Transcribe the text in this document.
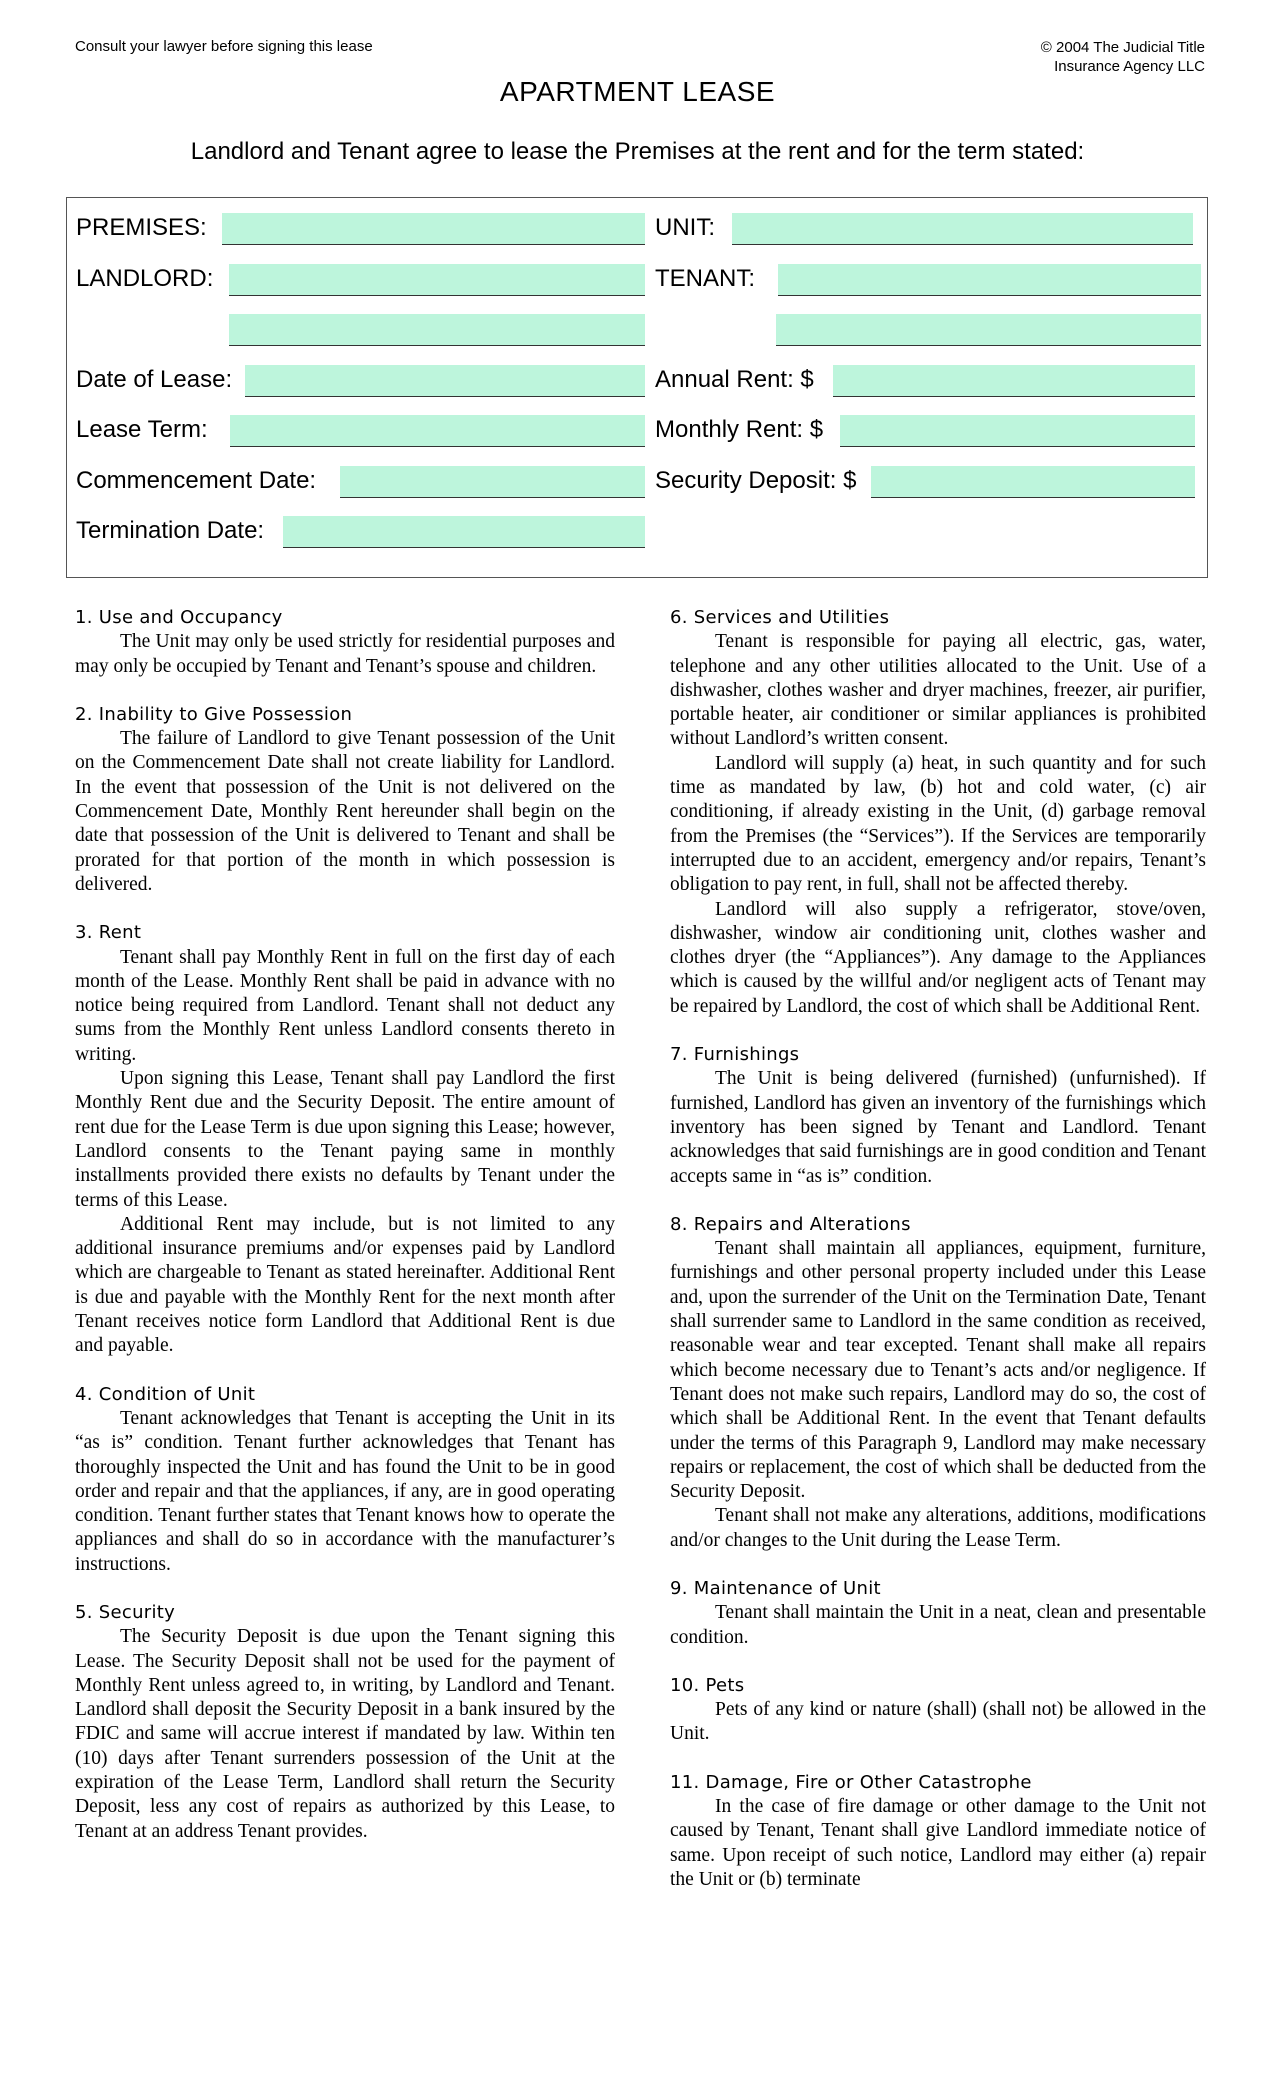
Consult your lawyer before signing this lease	© 2004 The Judicial Title
Insurance Agency LLC
APARTMENT LEASE
Landlord and Tenant agree to lease the Premises at the rent and for the term stated:
PREMISES:	UNIT:
LANDLORD:	TENANT:
Date of Lease:	Annual Rent: $
Lease Term:	Monthly Rent: $
Commencement Date:	Security Deposit: $
Termination Date:
1. Use and Occupancy

The Unit may only be used strictly for residential purposes and may only be occupied by Tenant and Tenant’s spouse and children.

2. Inability to Give Possession

The failure of Landlord to give Tenant possession of the Unit on the Commencement Date shall not create liability for Landlord. In the event that possession of the Unit is not delivered on the Commencement Date, Monthly Rent hereunder shall begin on the date that possession of the Unit is delivered to Tenant and shall be prorated for that portion of the month in which possession is delivered.

3. Rent

Tenant shall pay Monthly Rent in full on the first day of each month of the Lease. Monthly Rent shall be paid in advance with no notice being required from Landlord. Tenant shall not deduct any sums from the Monthly Rent unless Landlord consents thereto in writing.

Upon signing this Lease, Tenant shall pay Landlord the first Monthly Rent due and the Security Deposit. The entire amount of rent due for the Lease Term is due upon signing this Lease; however, Landlord consents to the Tenant paying same in monthly installments provided there exists no defaults by Tenant under the terms of this Lease.

Additional Rent may include, but is not limited to any additional insurance premiums and/or expenses paid by Landlord which are chargeable to Tenant as stated hereinafter. Additional Rent is due and payable with the Monthly Rent for the next month after Tenant receives notice form Landlord that Additional Rent is due and payable.

4. Condition of Unit

Tenant acknowledges that Tenant is accepting the Unit in its “as is” condition. Tenant further acknowledges that Tenant has thoroughly inspected the Unit and has found the Unit to be in good order and repair and that the appliances, if any, are in good operating condition. Tenant further states that Tenant knows how to operate the appliances and shall do so in accordance with the manufacturer’s instructions.

5. Security

The Security Deposit is due upon the Tenant signing this Lease. The Security Deposit shall not be used for the payment of Monthly Rent unless agreed to, in writing, by Landlord and Tenant. Landlord shall deposit the Security Deposit in a bank insured by the FDIC and same will accrue interest if mandated by law. Within ten (10) days after Tenant surrenders possession of the Unit at the expiration of the Lease Term, Landlord shall return the Security Deposit, less any cost of repairs as authorized by this Lease, to Tenant at an address Tenant provides.

6. Services and Utilities

Tenant is responsible for paying all electric, gas, water, telephone and any other utilities allocated to the Unit. Use of a dishwasher, clothes washer and dryer machines, freezer, air purifier, portable heater, air conditioner or similar appliances is prohibited without Landlord’s written consent.

Landlord will supply (a) heat, in such quantity and for such time as mandated by law, (b) hot and cold water, (c) air conditioning, if already existing in the Unit, (d) garbage removal from the Premises (the “Services”). If the Services are temporarily interrupted due to an accident, emergency and/or repairs, Tenant’s obligation to pay rent, in full, shall not be affected thereby.

Landlord will also supply a refrigerator, stove/oven, dishwasher, window air conditioning unit, clothes washer and clothes dryer (the “Appliances”). Any damage to the Appliances which is caused by the willful and/or negligent acts of Tenant may be repaired by Landlord, the cost of which shall be Additional Rent.

7. Furnishings

The Unit is being delivered (furnished) (unfurnished). If furnished, Landlord has given an inventory of the furnishings which inventory has been signed by Tenant and Landlord. Tenant acknowledges that said furnishings are in good condition and Tenant accepts same in “as is” condition.

8. Repairs and Alterations

Tenant shall maintain all appliances, equipment, furniture, furnishings and other personal property included under this Lease and, upon the surrender of the Unit on the Termination Date, Tenant shall surrender same to Landlord in the same condition as received, reasonable wear and tear excepted. Tenant shall make all repairs which become necessary due to Tenant’s acts and/or negligence. If Tenant does not make such repairs, Landlord may do so, the cost of which shall be Additional Rent. In the event that Tenant defaults under the terms of this Paragraph 9, Landlord may make necessary repairs or replacement, the cost of which shall be deducted from the Security Deposit.

Tenant shall not make any alterations, additions, modifications and/or changes to the Unit during the Lease Term.

9. Maintenance of Unit

Tenant shall maintain the Unit in a neat, clean and presentable condition.

10. Pets

Pets of any kind or nature (shall) (shall not) be allowed in the Unit.

11. Damage, Fire or Other Catastrophe

In the case of fire damage or other damage to the Unit not caused by Tenant, Tenant shall give Landlord immediate notice of same. Upon receipt of such notice, Landlord may either (a) repair the Unit or (b) terminate
